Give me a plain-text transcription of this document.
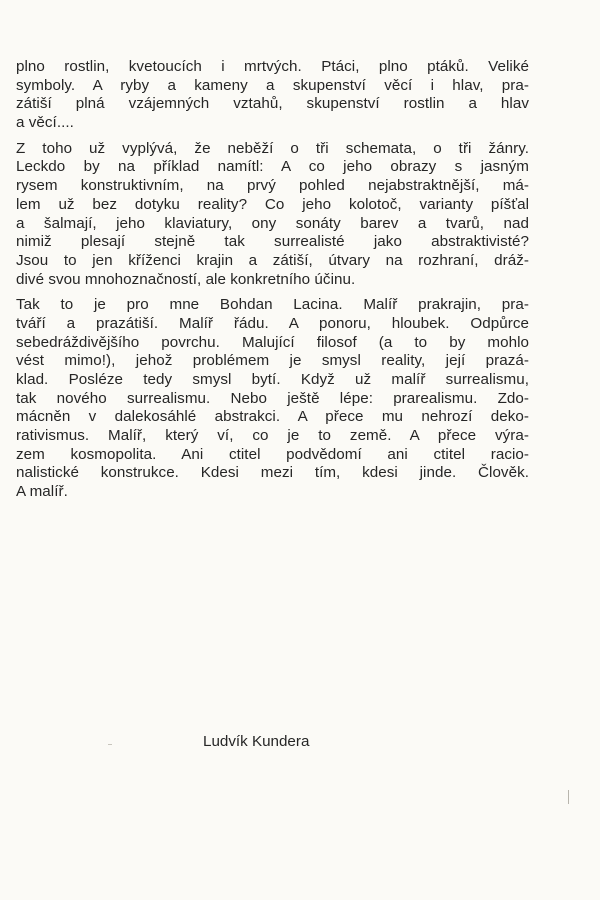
plno rostlin, kvetoucích i mrtvých. Ptáci, plno ptáků. Veliké
symboly. A ryby a kameny a skupenství věcí i hlav, pra-
zátiší plná vzájemných vztahů, skupenství rostlin a hlav
a věcí....
Z toho už vyplývá, že neběží o tři schemata, o tři žánry.
Leckdo by na příklad namítl: A co jeho obrazy s jasným
rysem konstruktivním, na prvý pohled nejabstraktnější, má-
lem už bez dotyku reality? Co jeho kolotoč, varianty píšťal
a šalmají, jeho klaviatury, ony sonáty barev a tvarů, nad
nimiž plesají stejně tak surrealisté jako abstraktivisté?
Jsou to jen kříženci krajin a zátiší, útvary na rozhraní, dráž-
divé svou mnohoznačností, ale konkretního účinu.
Tak to je pro mne Bohdan Lacina. Malíř prakrajin, pra-
tváří a prazátiší. Malíř řádu. A ponoru, hloubek. Odpůrce
sebedráždivějšího povrchu. Malující filosof (a to by mohlo
vést mimo!), jehož problémem je smysl reality, její prazá-
klad. Posléze tedy smysl bytí. Když už malíř surrealismu,
tak nového surrealismu. Nebo ještě lépe: prarealismu. Zdo-
mácněn v dalekosáhlé abstrakci. A přece mu nehrozí deko-
rativismus. Malíř, který ví, co je to země. A přece výra-
zem kosmopolita. Ani ctitel podvědomí ani ctitel racio-
nalistické konstrukce. Kdesi mezi tím, kdesi jinde. Člověk.
A malíř.
Ludvík Kundera
